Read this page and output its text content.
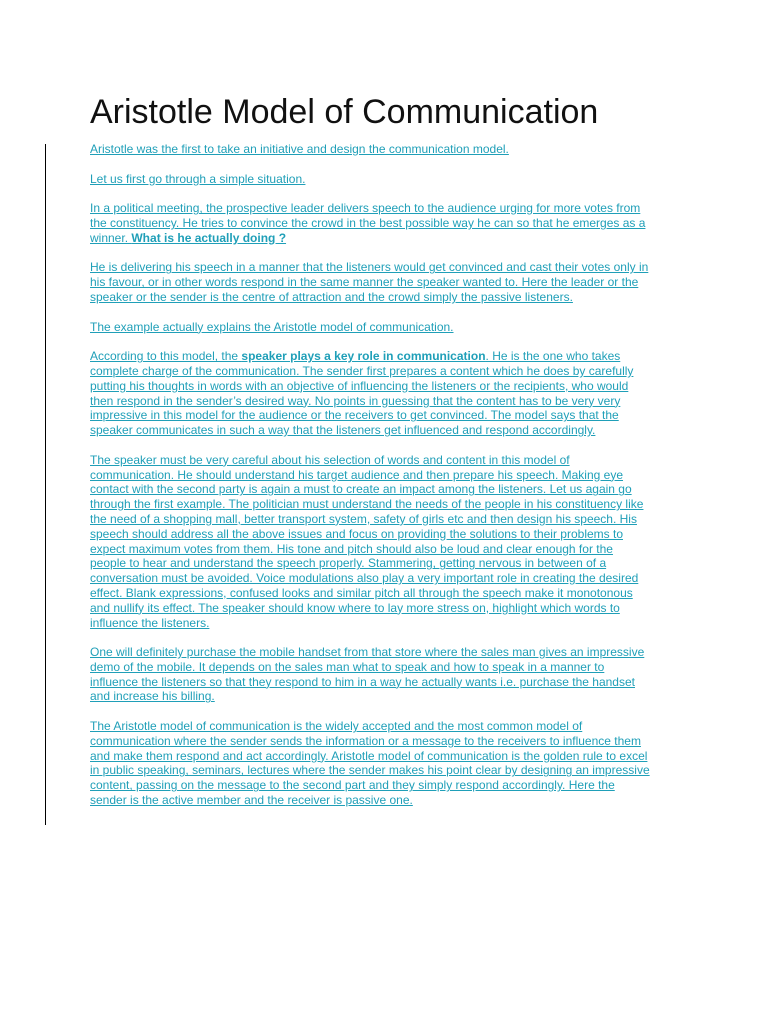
Aristotle Model of Communication

Aristotle was the first to take an initiative and design the communication model.

Let us first go through a simple situation.

In a political meeting, the prospective leader delivers speech to the audience urging for more votes from
the constituency. He tries to convince the crowd in the best possible way he can so that he emerges as a
winner. What is he actually doing ?

He is delivering his speech in a manner that the listeners would get convinced and cast their votes only in
his favour, or in other words respond in the same manner the speaker wanted to. Here the leader or the
speaker or the sender is the centre of attraction and the crowd simply the passive listeners.

The example actually explains the Aristotle model of communication.

According to this model, the speaker plays a key role in communication. He is the one who takes
complete charge of the communication. The sender first prepares a content which he does by carefully
putting his thoughts in words with an objective of influencing the listeners or the recipients, who would
then respond in the sender’s desired way. No points in guessing that the content has to be very very
impressive in this model for the audience or the receivers to get convinced. The model says that the
speaker communicates in such a way that the listeners get influenced and respond accordingly.

The speaker must be very careful about his selection of words and content in this model of
communication. He should understand his target audience and then prepare his speech. Making eye
contact with the second party is again a must to create an impact among the listeners. Let us again go
through the first example. The politician must understand the needs of the people in his constituency like
the need of a shopping mall, better transport system, safety of girls etc and then design his speech. His
speech should address all the above issues and focus on providing the solutions to their problems to
expect maximum votes from them. His tone and pitch should also be loud and clear enough for the
people to hear and understand the speech properly. Stammering, getting nervous in between of a
conversation must be avoided. Voice modulations also play a very important role in creating the desired
effect. Blank expressions, confused looks and similar pitch all through the speech make it monotonous
and nullify its effect. The speaker should know where to lay more stress on, highlight which words to
influence the listeners.

One will definitely purchase the mobile handset from that store where the sales man gives an impressive
demo of the mobile. It depends on the sales man what to speak and how to speak in a manner to
influence the listeners so that they respond to him in a way he actually wants i.e. purchase the handset
and increase his billing.

The Aristotle model of communication is the widely accepted and the most common model of
communication where the sender sends the information or a message to the receivers to influence them
and make them respond and act accordingly. Aristotle model of communication is the golden rule to excel
in public speaking, seminars, lectures where the sender makes his point clear by designing an impressive
content, passing on the message to the second part and they simply respond accordingly. Here the
sender is the active member and the receiver is passive one.
